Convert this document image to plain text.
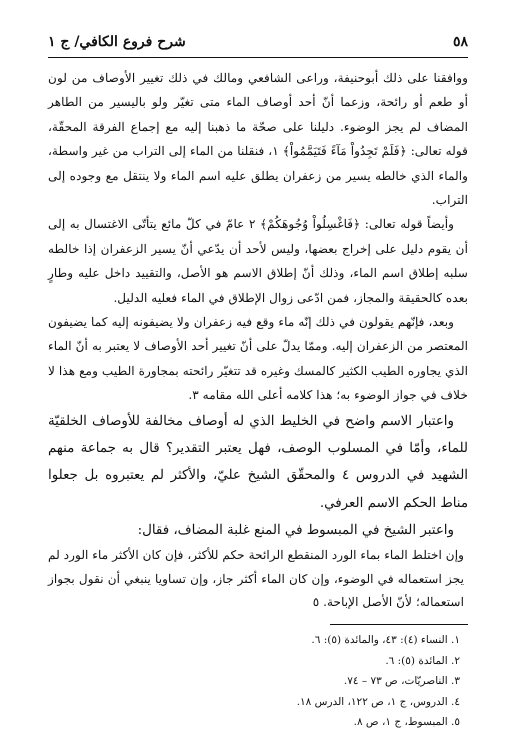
٥٨
شرح فروع الكافي/ ج ١

ووافقنا على ذلك أبوحنيفة، وراعى الشافعي ومالك في ذلك تغيير الأوصاف من لون أو طعم أو رائحة، وزعما أنّ أحد أوصاف الماء متى تغيّر ولو باليسير من الطاهر المضاف لم يجز الوضوء. دليلنا على صحّة ما ذهبنا إليه مع إجماع الفرقة المحقّة، قوله تعالى: ﴿فَلَمْ تَجِدُواْ مَآءً فَتَيَمَّمُواْ﴾ ١، فنقلنا من الماء إلى التراب من غير واسطة، والماء الذي خالطه يسير من زعفران يطلق عليه اسم الماء ولا ينتقل مع وجوده إلى التراب.

وأيضاً قوله تعالى: ﴿فَاغْسِلُواْ وُجُوهَكُمْ﴾ ٢ عامّ في كلّ مائع يتأتّى الاغتسال به إلى أن يقوم دليل على إخراج بعضها، وليس لأحد أن يدّعي أنّ يسير الزعفران إذا خالطه سلبه إطلاق اسم الماء، وذلك أنّ إطلاق الاسم هو الأصل، والتقييد داخل عليه وطارٍ بعده كالحقيقة والمجاز، فمن ادّعى زوال الإطلاق في الماء فعليه الدليل.

وبعد، فإنّهم يقولون في ذلك إنّه ماء وقع فيه زعفران ولا يضيفونه إليه كما يضيفون المعتصر من الزعفران إليه. وممّا يدلّ على أنّ تغيير أحد الأوصاف لا يعتبر به أنّ الماء الذي يجاوره الطيب الكثير كالمسك وغيره قد تتغيّر رائحته بمجاورة الطيب ومع هذا لا خلاف في جواز الوضوء به؛ هذا كلامه أعلى الله مقامه ٣.

واعتبار الاسم واضح في الخليط الذي له أوصاف مخالفة للأوصاف الخلقيّة للماء، وأمّا في المسلوب الوصف، فهل يعتبر التقدير؟ قال به جماعة منهم الشهيد في الدروس ٤ والمحقّق الشيخ عليّ، والأكثر لم يعتبروه بل جعلوا مناط الحكم الاسم العرفي.

واعتبر الشيخ في المبسوط في المنع غلبة المضاف، فقال:

وإن اختلط الماء بماء الورد المنقطع الرائحة حكم للأكثر، فإن كان الأكثر ماء الورد لم يجز استعماله في الوضوء، وإن كان الماء أكثر جاز، وإن تساويا ينبغي أن نقول بجواز استعماله؛ لأنّ الأصل الإباحة. ٥

١. النساء (٤): ٤٣، والمائدة (٥): ٦.
٢. المائدة (٥): ٦.
٣. الناصريّات، ص ٧٣ – ٧٤.
٤. الدروس، ج ١، ص ١٢٢، الدرس ١٨.
٥. المبسوط، ج ١، ص ٨.
